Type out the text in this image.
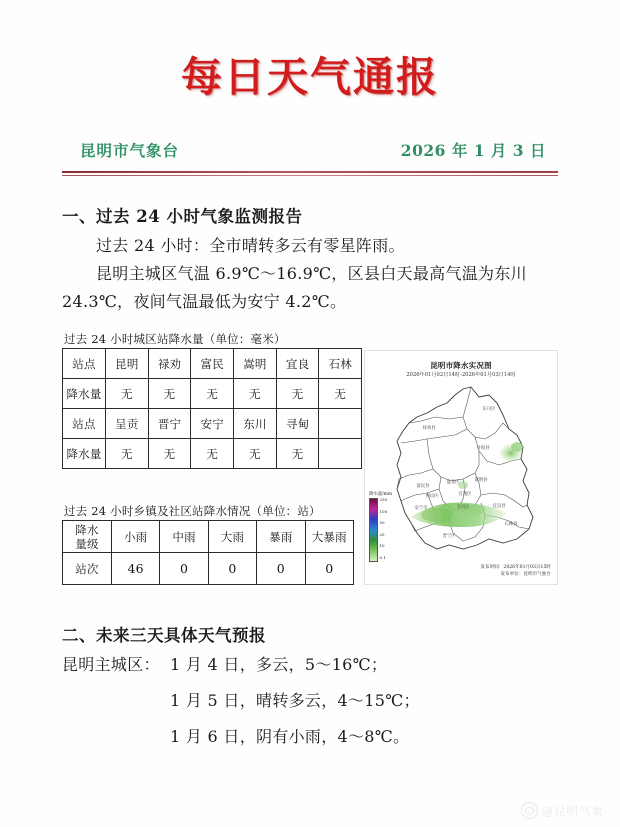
每日天气通报
昆明市气象台	2026 年 1 月 3 日
一、过去 24 小时气象监测报告
过去 24 小时：全市晴转多云有零星阵雨。
昆明主城区气温 6.9℃～16.9℃，区县白天最高气温为东川
24.3℃，夜间气温最低为安宁 4.2℃。
过去 24 小时城区站降水量（单位：毫米）
站点	昆明	禄劝	富民	嵩明	宜良	石林
降水量	无	无	无	无	无	无
站点	呈贡	晋宁	安宁	东川	寻甸	
降水量	无	无	无	无	无	
过去 24 小时乡镇及社区站降水情况（单位：站）
降水
量级	小雨	中雨	大雨	暴雨	大暴雨
站次	46	0	0	0	0
昆明市降水实况图
2026年01月02日14时-2026年01月03日14时
东川区
禄劝县
寻甸县
富民县
嵩明县
盘龙区
西山区	官渡区
宜良县
安宁市	呈贡区
石林县
晋宁区
降水量/mm
250
100
50
25
10
0.1
发布时间：2026年01月03日15时
发布单位：昆明市气象台
二、未来三天具体天气预报
昆明主城区： 1 月 4 日，多云，5～16℃；
1 月 5 日，晴转多云，4～15℃；
1 月 6 日，阴有小雨，4～8℃。
@昆明气象
